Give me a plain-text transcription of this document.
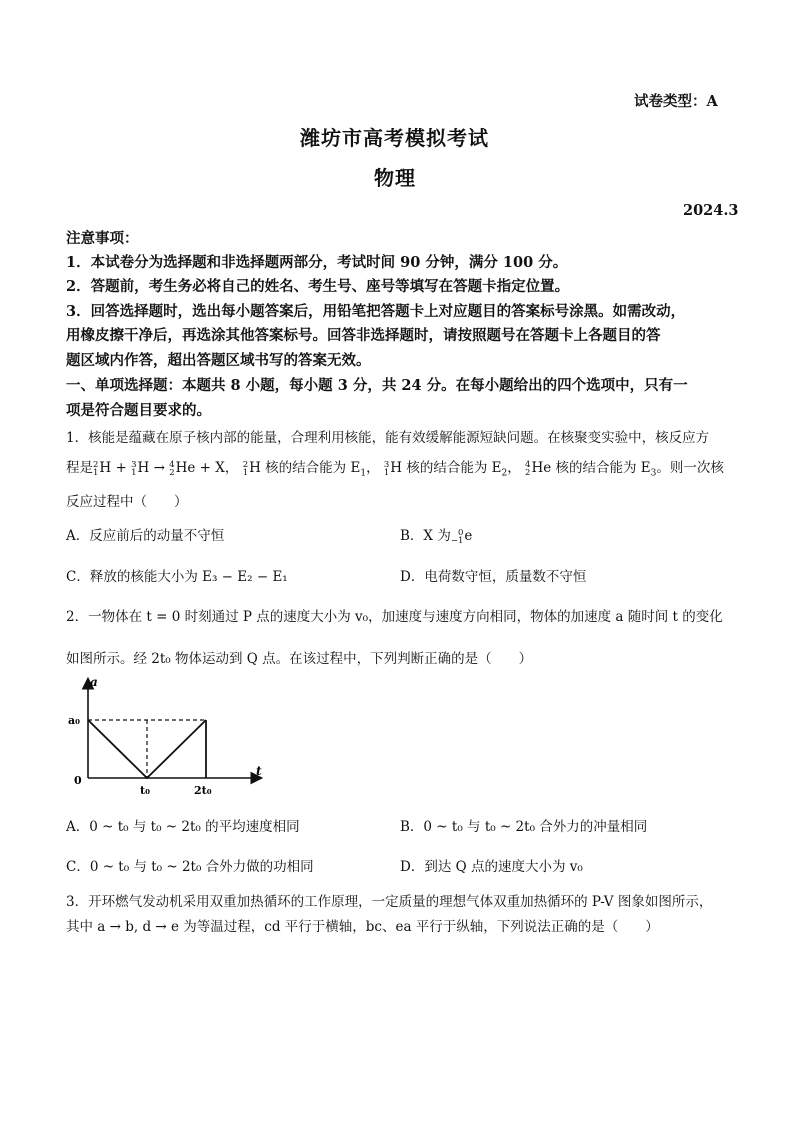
试卷类型：A
潍坊市高考模拟考试
物理
2024.3
注意事项：
1．本试卷分为选择题和非选择题两部分，考试时间 90 分钟，满分 100 分。
2．答题前，考生务必将自己的姓名、考生号、座号等填写在答题卡指定位置。
3．回答选择题时，选出每小题答案后，用铅笔把答题卡上对应题目的答案标号涂黑。如需改动，
用橡皮擦干净后，再选涂其他答案标号。回答非选择题时，请按照题号在答题卡上各题目的答
题区域内作答，超出答题区域书写的答案无效。
一、单项选择题：本题共 8 小题，每小题 3 分，共 24 分。在每小题给出的四个选项中，只有一
项是符合题目要求的。
1．核能是蕴藏在原子核内部的能量，合理利用核能，能有效缓解能源短缺问题。在核聚变实验中，核反应方
程是2
1H + 3
1H → 4
2He + X， 2
1H 核的结合能为 $E_1$， 3
1H 核的结合能为 $E_2$， 4
2He 核的结合能为 $E_3$。则一次核
反应过程中（　　）
A．反应前后的动量不守恒	B．X 为 0
−1e
C．释放的核能大小为 E₃ − E₂ − E₁	D．电荷数守恒，质量数不守恒
2．一物体在 t = 0 时刻通过 P 点的速度大小为 v₀，加速度与速度方向相同，物体的加速度 a 随时间 t 的变化
如图所示。经 2t₀ 物体运动到 Q 点。在该过程中，下列判断正确的是（　　）
a
t
a₀
0
t₀	2t₀
A．0 ~ t₀ 与 t₀ ~ 2t₀ 的平均速度相同	B．0 ~ t₀ 与 t₀ ~ 2t₀ 合外力的冲量相同
C．0 ~ t₀ 与 t₀ ~ 2t₀ 合外力做的功相同	D．到达 Q 点的速度大小为 v₀
3．开环燃气发动机采用双重加热循环的工作原理，一定质量的理想气体双重加热循环的 P-V 图象如图所示，
其中 a → b, d → e 为等温过程，cd 平行于横轴，bc、ea 平行于纵轴，下列说法正确的是（　　）
